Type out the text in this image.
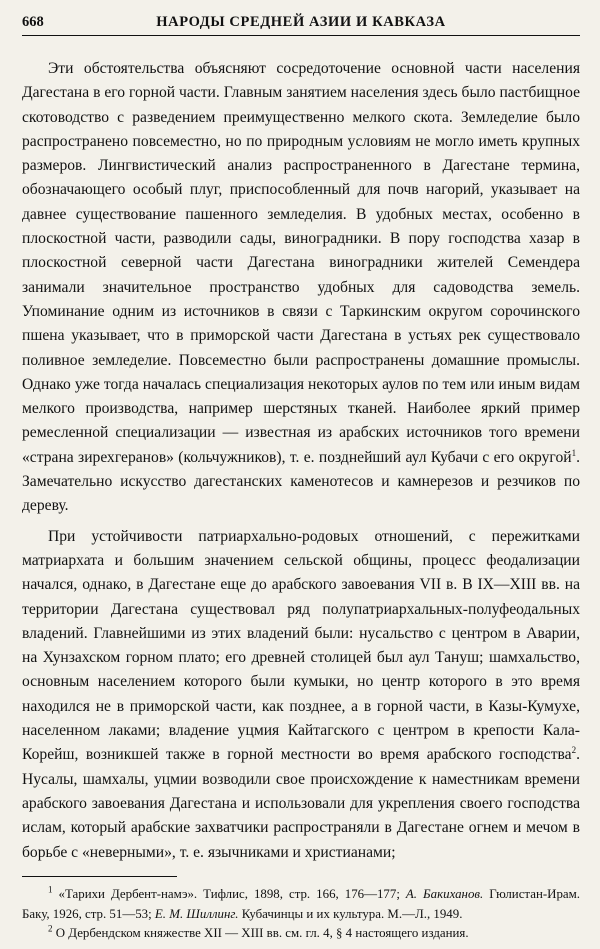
668	НАРОДЫ СРЕДНЕЙ АЗИИ И КАВКАЗА

Эти обстоятельства объясняют сосредоточение основной части населения Дагестана в его горной части. Главным занятием населения здесь было пастбищное скотоводство с разведением преимущественно мелкого скота. Земледелие было распространено повсеместно, но по природным условиям не могло иметь крупных размеров. Лингвистический анализ распространенного в Дагестане термина, обозначающего особый плуг, приспособленный для почв нагорий, указывает на давнее существование пашенного земледелия. В удобных местах, особенно в плоскостной части, разводили сады, виноградники. В пору господства хазар в плоскостной северной части Дагестана виноградники жителей Семендера занимали значительное пространство удобных для садоводства земель. Упоминание одним из источников в связи с Таркинским округом сорочинского пшена указывает, что в приморской части Дагестана в устьях рек существовало поливное земледелие. Повсеместно были распространены домашние промыслы. Однако уже тогда началась специализация некоторых аулов по тем или иным видам мелкого производства, например шерстяных тканей. Наиболее яркий пример ремесленной специализации — известная из арабских источников того времени «страна зирехгеранов» (кольчужников), т. е. позднейший аул Кубачи с его округой$^1$. Замечательно искусство дагестанских каменотесов и камнерезов и резчиков по дереву.

При устойчивости патриархально-родовых отношений, с пережитками матриархата и большим значением сельской общины, процесс феодализации начался, однако, в Дагестане еще до арабского завоевания VII в. В IX—XIII вв. на территории Дагестана существовал ряд полупатриархальных-полуфеодальных владений. Главнейшими из этих владений были: нусальство с центром в Аварии, на Хунзахском горном плато; его древней столицей был аул Тануш; шамхальство, основным населением которого были кумыки, но центр которого в это время находился не в приморской части, как позднее, а в горной части, в Казы-Кумухе, населенном лаками; владение уцмия Кайтагского с центром в крепости Кала-Корейш, возникшей также в горной местности во время арабского господства$^2$. Нусалы, шамхалы, уцмии возводили свое происхождение к наместникам времени арабского завоевания Дагестана и использовали для укрепления своего господства ислам, который арабские захватчики распространяли в Дагестане огнем и мечом в борьбе с «неверными», т. е. язычниками и христианами;

$^1$ «Тарихи Дербент-намэ». Тифлис, 1898, стр. 166, 176—177; А. Бакиханов. Гюлистан-Ирам. Баку, 1926, стр. 51—53; Е. М. Шиллинг. Кубачинцы и их культура. М.—Л., 1949.

$^2$ О Дербендском княжестве XII — XIII вв. см. гл. 4, § 4 настоящего издания.
